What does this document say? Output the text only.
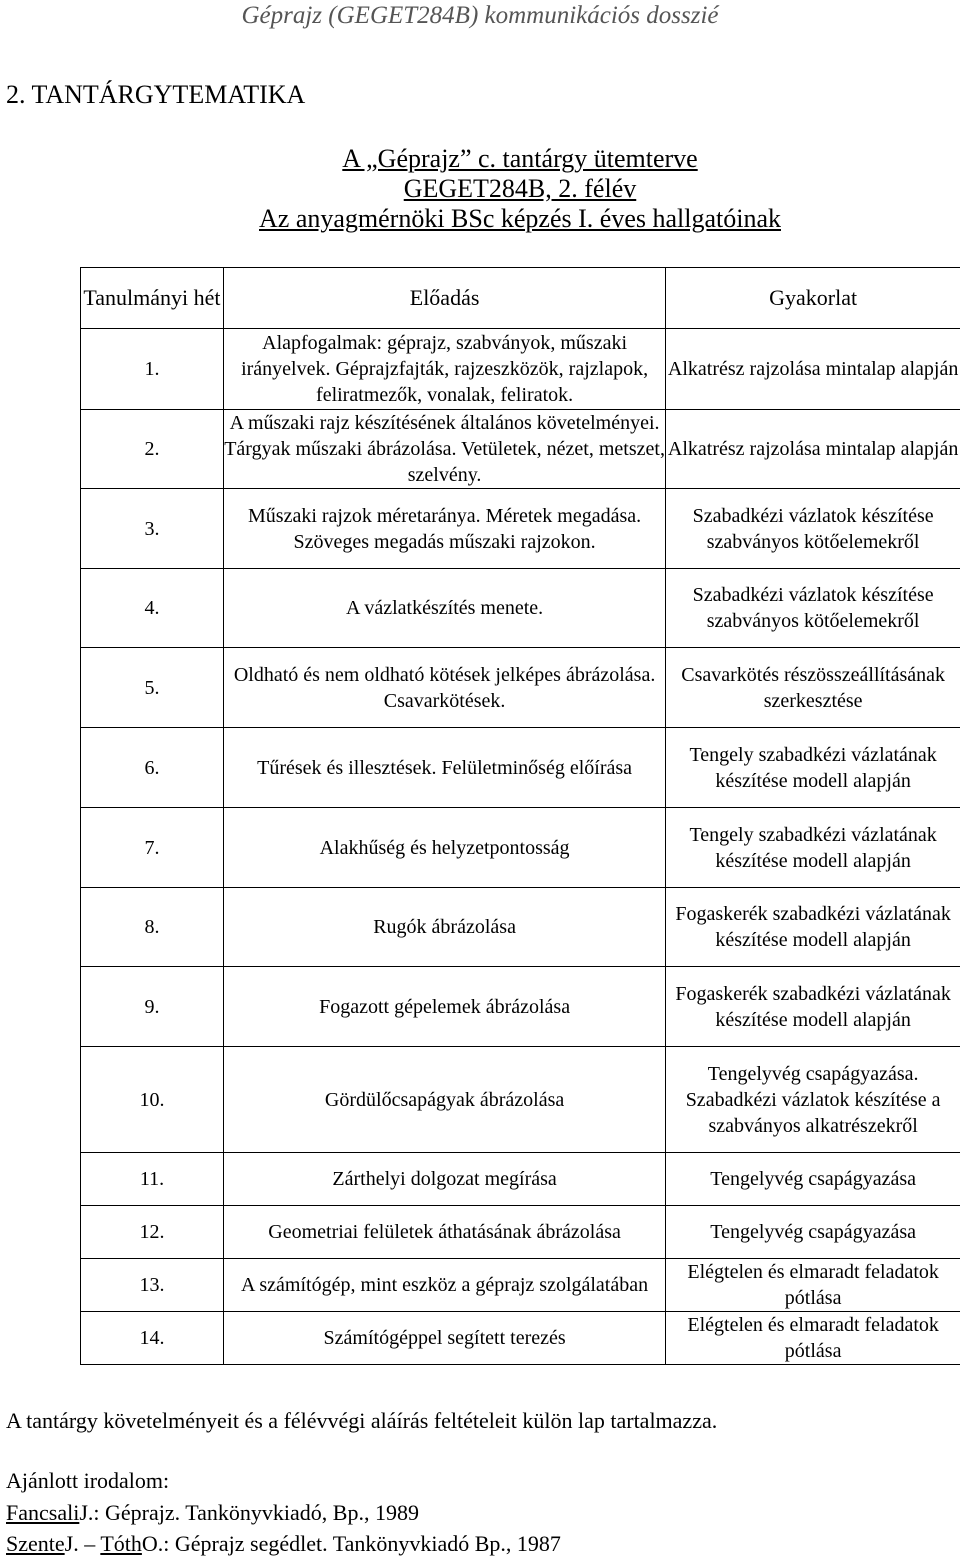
Géprajz (GEGET284B) kommunikációs dosszié
2. TANTÁRGYTEMATIKA
A „Géprajz” c. tantárgy ütemterve
GEGET284B, 2. félév
Az anyagmérnöki BSc képzés I. éves hallgatóinak
Tanulmányi hét	Előadás	Gyakorlat
1.	Alapfogalmak: géprajz, szabványok, műszaki irányelvek. Géprajzfajták, rajzeszközök, rajzlapok, feliratmezők, vonalak, feliratok.	Alkatrész rajzolása mintalap alapján
2.	A műszaki rajz készítésének általános követelményei. Tárgyak műszaki ábrázolása. Vetületek, nézet, metszet, szelvény.	Alkatrész rajzolása mintalap alapján
3.	Műszaki rajzok méretaránya. Méretek megadása. Szöveges megadás műszaki rajzokon.	Szabadkézi vázlatok készítése szabványos kötőelemekről
4.	A vázlatkészítés menete.	Szabadkézi vázlatok készítése szabványos kötőelemekről
5.	Oldható és nem oldható kötések jelképes ábrázolása. Csavarkötések.	Csavarkötés részösszeállításának szerkesztése
6.	Tűrések és illesztések. Felületminőség előírása	Tengely szabadkézi vázlatának készítése modell alapján
7.	Alakhűség és helyzetpontosság	Tengely szabadkézi vázlatának készítése modell alapján
8.	Rugók ábrázolása	Fogaskerék szabadkézi vázlatának készítése modell alapján
9.	Fogazott gépelemek ábrázolása	Fogaskerék szabadkézi vázlatának készítése modell alapján
10.	Gördülőcsapágyak ábrázolása	Tengelyvég csapágyazása. Szabadkézi vázlatok készítése a szabványos alkatrészekről
11.	Zárthelyi dolgozat megírása	Tengelyvég csapágyazása
12.	Geometriai felületek áthatásának ábrázolása	Tengelyvég csapágyazása
13.	A számítógép, mint eszköz a géprajz szolgálatában	Elégtelen és elmaradt feladatok pótlása
14.	Számítógéppel segített terezés	Elégtelen és elmaradt feladatok pótlása
A tantárgy követelményeit és a félévvégi aláírás feltételeit külön lap tartalmazza.
Ajánlott irodalom:
FancsaliJ.: Géprajz. Tankönyvkiadó, Bp., 1989
SzenteJ. – TóthO.: Géprajz segédlet. Tankönyvkiadó Bp., 1987
